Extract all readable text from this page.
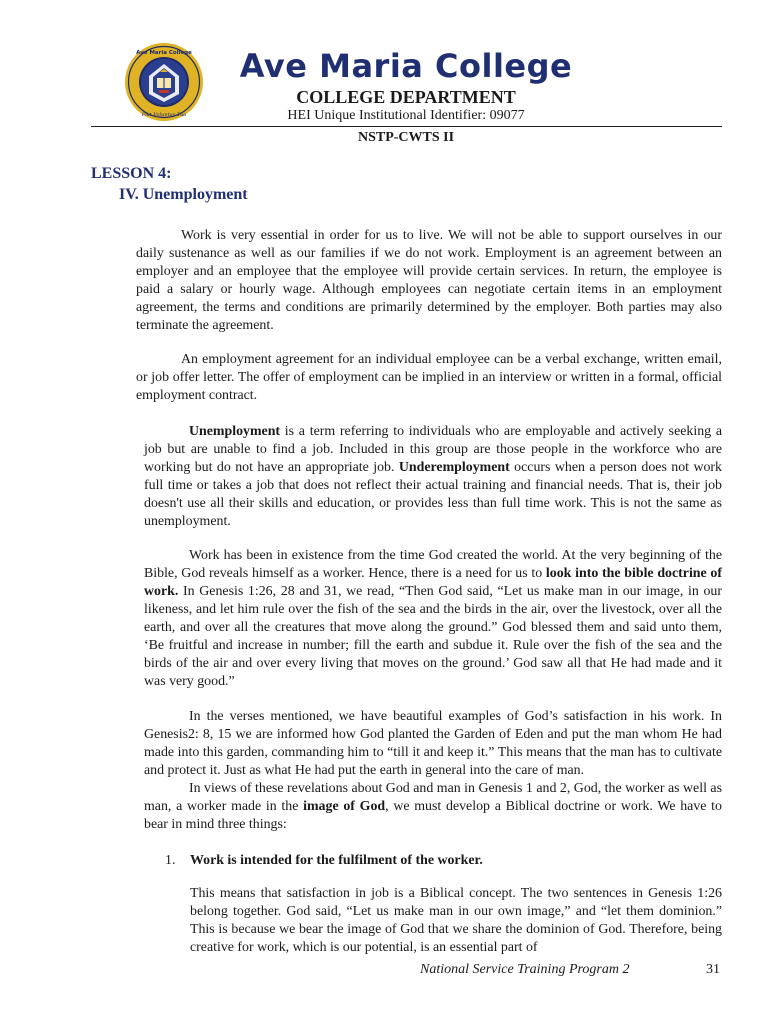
Ave Maria College
Fiat Voluntas Tua
Ave Maria College
COLLEGE DEPARTMENT
HEI Unique Institutional Identifier: 09077
NSTP-CWTS II
LESSON 4:
IV. Unemployment

Work is very essential in order for us to live. We will not be able to support ourselves in our daily sustenance as well as our families if we do not work. Employment is an agreement between an employer and an employee that the employee will provide certain services. In return, the employee is paid a salary or hourly wage. Although employees can negotiate certain items in an employment agreement, the terms and conditions are primarily determined by the employer. Both parties may also terminate the agreement.

An employment agreement for an individual employee can be a verbal exchange, written email, or job offer letter. The offer of employment can be implied in an interview or written in a formal, official employment contract.

Unemployment is a term referring to individuals who are employable and actively seeking a job but are unable to find a job. Included in this group are those people in the workforce who are working but do not have an appropriate job. Underemployment occurs when a person does not work full time or takes a job that does not reflect their actual training and financial needs. That is, their job doesn't use all their skills and education, or provides less than full time work. This is not the same as unemployment.

Work has been in existence from the time God created the world. At the very beginning of the Bible, God reveals himself as a worker. Hence, there is a need for us to look into the bible doctrine of work. In Genesis 1:26, 28 and 31, we read, “Then God said, “Let us make man in our image, in our likeness, and let him rule over the fish of the sea and the birds in the air, over the livestock, over all the earth, and over all the creatures that move along the ground.” God blessed them and said unto them, ‘Be fruitful and increase in number; fill the earth and subdue it. Rule over the fish of the sea and the birds of the air and over every living that moves on the ground.’ God saw all that He had made and it was very good.”

In the verses mentioned, we have beautiful examples of God’s satisfaction in his work. In Genesis2: 8, 15 we are informed how God planted the Garden of Eden and put the man whom He had made into this garden, commanding him to “till it and keep it.” This means that the man has to cultivate and protect it. Just as what He had put the earth in general into the care of man.

In views of these revelations about God and man in Genesis 1 and 2, God, the worker as well as man, a worker made in the image of God, we must develop a Biblical doctrine or work. We have to bear in mind three things:

1. Work is intended for the fulfilment of the worker.

This means that satisfaction in job is a Biblical concept. The two sentences in Genesis 1:26 belong together. God said, “Let us make man in our own image,” and “let them dominion.” This is because we bear the image of God that we share the dominion of God. Therefore, being creative for work, which is our potential, is an essential part of

National Service Training Program 2	31
